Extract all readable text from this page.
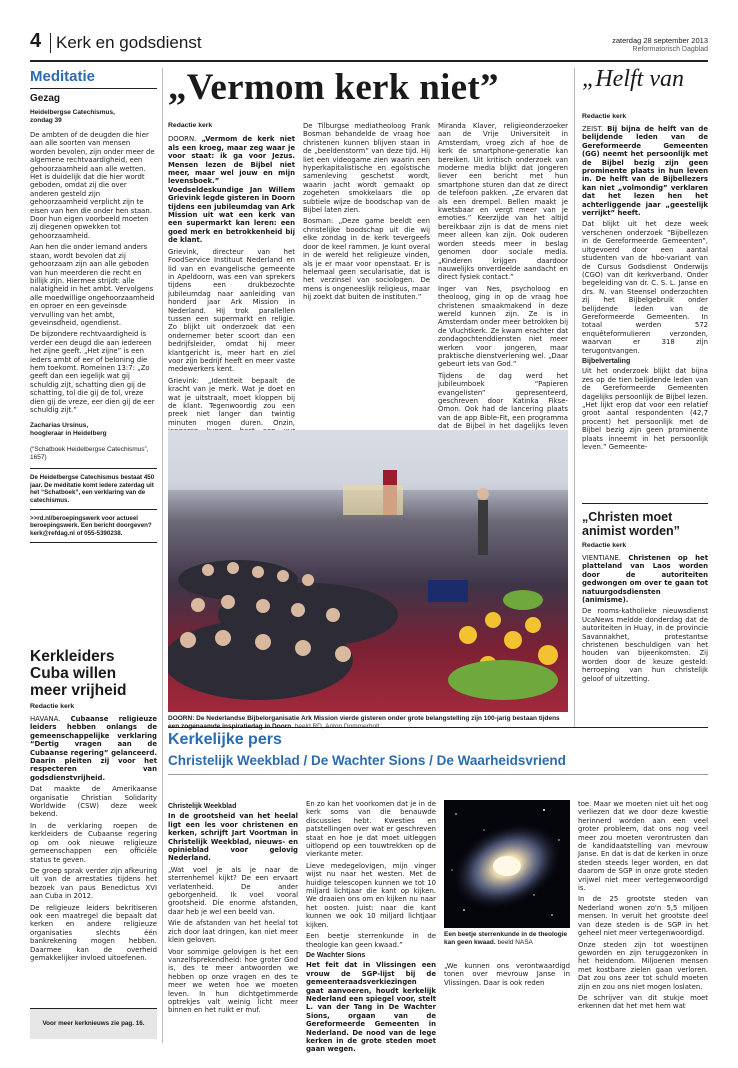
4 Kerk en godsdienst	zaterdag 28 september 2013
Reformatorisch Dagblad
Meditatie
Gezag
Heidelbergse Catechismus,
zondag 39

De ambten of de deugden die hier aan alle soorten van mensen worden bevolen, zijn onder meer de algemene rechtvaardigheid, een gehoorzaamheid aan alle wetten. Het is duidelijk dat die hier wordt geboden, omdat zij die over anderen gesteld zijn gehoorzaamheid verplicht zijn te eisen van hen die onder hen staan. Door hun eigen voorbeeld moeten zij diegenen opwekken tot gehoorzaamheid.

Aan hen die onder iemand anders staan, wordt bevolen dat zij gehoorzaam zijn aan alle geboden van hun meerderen die recht en billijk zijn. Hiermee strijdt: alle nalatigheid in het ambt. Vervolgens alle moedwillige ongehoorzaamheid en oproer en een geveinsde vervulling van het ambt, geveinsdheid, ogendienst.

De bijzondere rechtvaardigheid is verder een deugd die aan iedereen het zijne geeft. „Het zijne” is een ieders ambt of eer of beloning die hem toekomt. Romeinen 13:7: „Zo geeft dan een iegelijk wat gij schuldig zijt, schatting dien gij de schatting, tol die gij de tol, vreze dien gij de vreze, eer dien gij de eer schuldig zijt.”

Zacharias Ursinus,
hoogleraar in Heidelberg
(“Schatboek Heidelbergse Catechismus”, 1657)
De Heidelbergse Catechismus bestaat 450 jaar. De meditatie komt iedere zaterdag uit het “Schatboek”, een verklaring van de catechismus.
>>rd.nl/beroepingswerk voor actueel beroepingswerk. Een bericht doorgeven? kerk@refdag.nl of 055-5390238.
Kerkleiders Cuba willen meer vrijheid
Redactie kerk

HAVANA. Cubaanse religieuze leiders hebben onlangs de gemeenschappelijke verklaring “Dertig vragen aan de Cubaanse regering” gelanceerd. Daarin pleiten zij voor het respecteren van godsdienstvrijheid.

Dat maakte de Amerikaanse organisatie Christian Solidarity Worldwide (CSW) deze week bekend.

In de verklaring roepen de kerkleiders de Cubaanse regering op om ook nieuwe religieuze gemeenschappen een officiële status te geven.

De groep sprak verder zijn afkeuring uit van de arrestaties tijdens het bezoek van paus Benedictus XVI aan Cuba in 2012.

De religieuze leiders bekritiseren ook een maatregel die bepaalt dat kerken en andere religieuze organisaties slechts één bankrekening mogen hebben. Daarmee kan de overheid gemakkelijker invloed uitoefenen.

Voor meer kerknieuws zie pag. 16.
„Vermom kerk niet”
Redactie kerk

DOORN. „Vermom de kerk niet als een kroeg, maar zeg waar je voor staat: ik ga voor Jezus. Mensen lezen de Bijbel niet meer, maar wel jouw en mijn levensboek.” Voedseldeskundige Jan Willem Grievink legde gisteren in Doorn tijdens een jubileumdag van Ark Mission uit wat een kerk van een supermarkt kan leren: een goed merk en betrokkenheid bij de klant.

Grievink, directeur van het FoodService Instituut Nederland en lid van en evangelische gemeente in Apeldoorn, was een van sprekers tijdens een drukbezochte jubileumdag naar aanleiding van honderd jaar Ark Mission in Nederland. Hij trok parallellen tussen een supermarkt en religie. Zo blijkt uit onderzoek dat een ondernemer beter scoort dan een bedrijfsleider, omdat hij meer klantgericht is, meer hart en ziel voor zijn bedrijf heeft en meer vaste medewerkers kent.

Grievink: „Identiteit bepaalt de kracht van je merk. Wat je doet en wat je uitstraalt, moet kloppen bij de klant. Tegenwoordig zou een preek niet langer dan twintig minuten mogen duren. Onzin,

De Tilburgse mediatheoloog Frank Bosman behandelde de vraag hoe christenen kunnen blijven staan in de „beeldenstorm” van deze tijd. Hij liet een videogame zien waarin een hyperkapitalistische en egoïstische samenleving geschetst wordt, waarin jacht wordt gemaakt op zogeheten smokkelaars die op subtiele wijze de boodschap van de Bijbel laten zien.

Bosman: „Deze game beeldt een christelijke boodschap uit die wij elke zondag in de kerk tevergeefs door de keel rammen. Je kunt overal in de wereld het religieuze vinden, als je er maar voor openstaat. Er is helemaal geen secularisatie, dat is het verzinsel van sociologen. De mens is ongeneeslijk religieus, maar hij zoekt dat buiten de instituten.”

Miranda Klaver, religieonderzoeker aan de Vrije Universiteit in Amsterdam, vroeg zich af hoe de kerk de smartphone-generatie kan bereiken. Uit kritisch onderzoek van moderne media blijkt dat jongeren liever een bericht met hun smartphone sturen dan dat ze direct de telefoon pakken. „Ze ervaren dat als een drempel. Bellen maakt je kwetsbaar en vergt meer van je emoties.” Keerzijde van het altijd bereikbaar zijn is dat de mens niet meer alleen kan zijn. Ook ouderen worden steeds meer in beslag genomen door sociale media. „Kinderen krijgen daardoor nauwelijks onverdeelde aandacht en direct fysiek contact.”

Inger van Nes, psycholoog en theoloog, ging in op de vraag hoe christenen smaakmakend in deze wereld kunnen zijn. Ze is in Amsterdam onder meer betrokken bij de Vluchtkerk. Ze kwam erachter dat zondagochtenddiensten niet meer werken voor jongeren, maar praktische dienstverlening wel. „Daar gebeurt iets van God.”

Tijdens de dag werd het jubileumboek “Papieren evangelisten” gepresenteerd, geschreven door Katinka Fikse-Omon. Ook had de lancering plaats van de app Bible-Fit, een programma dat de Bijbel in het dagelijks leven

DOORN: De Nederlandse Bijbelorganisatie Ark Mission vierde gisteren onder grote belangstelling zijn 100-jarig bestaan tijdens
„Helft van
Redactie kerk

ZEIST. Bij bijna de helft van de belijdende leden van de Gereformeerde Gemeenten (GG) neemt het persoonlijk met de Bijbel bezig zijn geen prominente plaats in hun leven in. De helft van de Bijbellezers kan niet „volmondig” verklaren dat het lezen hen het achterliggende jaar „geestelijk verrijkt” heeft.

Dat blijkt uit het deze week verschenen onderzoek “Bijbellezen in de Gereformeerde Gemeenten”, uitgevoerd door een aantal studenten van de hbo-variant van de Cursus Godsdienst Onderwijs (CGO) van dit kerkverband. Onder begeleiding van dr. C. S. L. Janse en drs. N. van Steensel onderzochten zij het Bijbelgebruik onder belijdende leden van de Gereformeerde Gemeenten. In totaal werden 572 enquêteformulieren verzonden, waarvan er 318 zijn terugontvangen.

Bijbelvertaling

Uit het onderzoek blijkt dat bijna zes op de tien belijdende leden van de Gereformeerde Gemeenten dagelijks persoonlijk de Bijbel lezen. „Het lijkt erop dat voor een relatief groot aantal respondenten (42,7 procent) het persoonlijk met de Bijbel bezig zijn geen prominente plaats inneemt in het persoonlijk leven.” Gemeente-

„Christen moet animist worden”
Redactie kerk

VIENTIANE. Christenen op het platteland van Laos worden door de autoriteiten gedwongen om over te gaan tot natuurgodsdiensten (animisme).

De rooms-katholieke nieuwsdienst UcaNews meldde donderdag dat de autoriteiten in Huay, in de provincie Savannakhet, protestantse christenen beschuldigen van het houden van bijeenkomsten. Zij worden door de keuze gesteld: herroeping van hun christelijk geloof of uitzetting.

Kerkelijke pers
Christelijk Weekblad / De Wachter Sions / De Waarheidsvriend
Christelijk Weekblad

In de grootsheid van het heelal ligt een les voor christenen en kerken, schrijft Jart Voortman in Christelijk Weekblad, nieuws- en opinieblad voor gelovig Nederland.

„Wat voel je als je naar de sterrenhemel kijkt? De een ervaart verlatenheid. De ander geborgenheid. Ik voel vooral grootsheid. Die enorme afstanden, daar heb je wel een beeld van.

Wie de afstanden van het heelal tot zich door laat dringen, kan niet meer klein geloven.

Voor sommige gelovigen is het een vanzelfsprekendheid: hoe groter God is, des te meer antwoorden we hebben op onze vragen en des te meer we weten hoe we moeten leven. In hun dichtgetimmerde optrekjes valt weinig licht meer binnen en het ruikt er muf.

En zo kan het voorkomen dat je in de kerk soms van die benauwde discussies hebt. Kwesties en patstellingen over wat er geschreven staat en hoe je dat moet uitleggen uitlopend op een touwtrekken op de vierkante meter.

Lieve medegelovigen, mijn vinger wijst nu naar het westen. Met de huidige telescopen kunnen we tot 10 miljard lichtjaar die kant op kijken. We draaien ons om en kijken nu naar het oosten. Juist: naar die kant kunnen we ook 10 miljard lichtjaar kijken.

Een beetje sterrenkunde in de theologie kan geen kwaad.”

De Wachter Sions

Het feit dat in Vlissingen een vrouw de SGP-lijst bij de gemeenteraadsverkiezingen gaat aanvoeren, houdt kerkelijk Nederland een spiegel voor, stelt L. van der Tang in De Wachter Sions, orgaan van de Gereformeerde Gemeenten in Nederland. De nood van de lege kerken in de grote steden moet gaan wegen.

Een beetje sterrenkunde in de theologie kan geen kwaad. beeld NASA

„We kunnen ons verontwaardigd tonen over mevrouw Janse in Vlissingen. Daar is ook reden

toe. Maar we moeten niet uit het oog verliezen dat we door deze kwestie herinnerd worden aan een veel groter probleem, dat ons nog veel meer zou moeten verontrusten dan de kandidaatstelling van mevrouw Janse. En dat is dat de kerken in onze steden steeds leger worden, en dat daarom de SGP in onze grote steden vrijwel niet meer vertegenwoordigd is.

In de 25 grootste steden van Nederland wonen zo'n 5,5 miljoen mensen. In veruit het grootste deel van deze steden is de SGP in het geheel niet meer vertegenwoordigd.

Onze steden zijn tot woestijnen geworden en zijn teruggezonken in het heidendom. Miljoenen mensen met kostbare zielen gaan verloren. Dat zou ons zeer tot schuld moeten zijn en zou ons niet mogen loslaten.

De schrijver van dit stukje moet erkennen dat het met hem wat
